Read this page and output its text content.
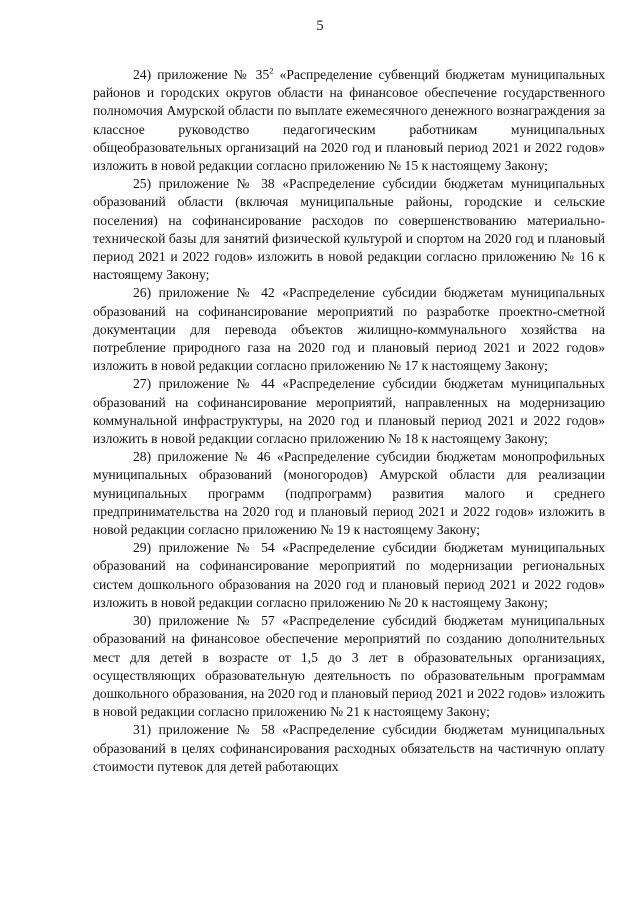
5

24) приложение № $35^2$ «Распределение субвенций бюджетам муниципальных районов и городских округов области на финансовое обеспечение государственного полномочия Амурской области по выплате ежемесячного денежного вознаграждения за классное руководство педагогическим работникам муниципальных общеобразовательных организаций на 2020 год и плановый период 2021 и 2022 годов» изложить в новой редакции согласно приложению № 15 к настоящему Закону;

25) приложение № 38 «Распределение субсидии бюджетам муниципальных образований области (включая муниципальные районы, городские и сельские поселения) на софинансирование расходов по совершенствованию материально-технической базы для занятий физической культурой и спортом на 2020 год и плановый период 2021 и 2022 годов» изложить в новой редакции согласно приложению № 16 к настоящему Закону;

26) приложение № 42 «Распределение субсидии бюджетам муниципальных образований на софинансирование мероприятий по разработке проектно-сметной документации для перевода объектов жилищно-коммунального хозяйства на потребление природного газа на 2020 год и плановый период 2021 и 2022 годов» изложить в новой редакции согласно приложению № 17 к настоящему Закону;

27) приложение № 44 «Распределение субсидии бюджетам муниципальных образований на софинансирование мероприятий, направленных на модернизацию коммунальной инфраструктуры, на 2020 год и плановый период 2021 и 2022 годов» изложить в новой редакции согласно приложению № 18 к настоящему Закону;

28) приложение № 46 «Распределение субсидии бюджетам монопрофильных муниципальных образований (моногородов) Амурской области для реализации муниципальных программ (подпрограмм) развития малого и среднего предпринимательства на 2020 год и плановый период 2021 и 2022 годов» изложить в новой редакции согласно приложению № 19 к настоящему Закону;

29) приложение № 54 «Распределение субсидии бюджетам муниципальных образований на софинансирование мероприятий по модернизации региональных систем дошкольного образования на 2020 год и плановый период 2021 и 2022 годов» изложить в новой редакции согласно приложению № 20 к настоящему Закону;

30) приложение № 57 «Распределение субсидий бюджетам муниципальных образований на финансовое обеспечение мероприятий по созданию дополнительных мест для детей в возрасте от 1,5 до 3 лет в образовательных организациях, осуществляющих образовательную деятельность по образовательным программам дошкольного образования, на 2020 год и плановый период 2021 и 2022 годов» изложить в новой редакции согласно приложению № 21 к настоящему Закону;

31) приложение № 58 «Распределение субсидии бюджетам муниципальных образований в целях софинансирования расходных обязательств на частичную оплату стоимости путевок для детей работающих
